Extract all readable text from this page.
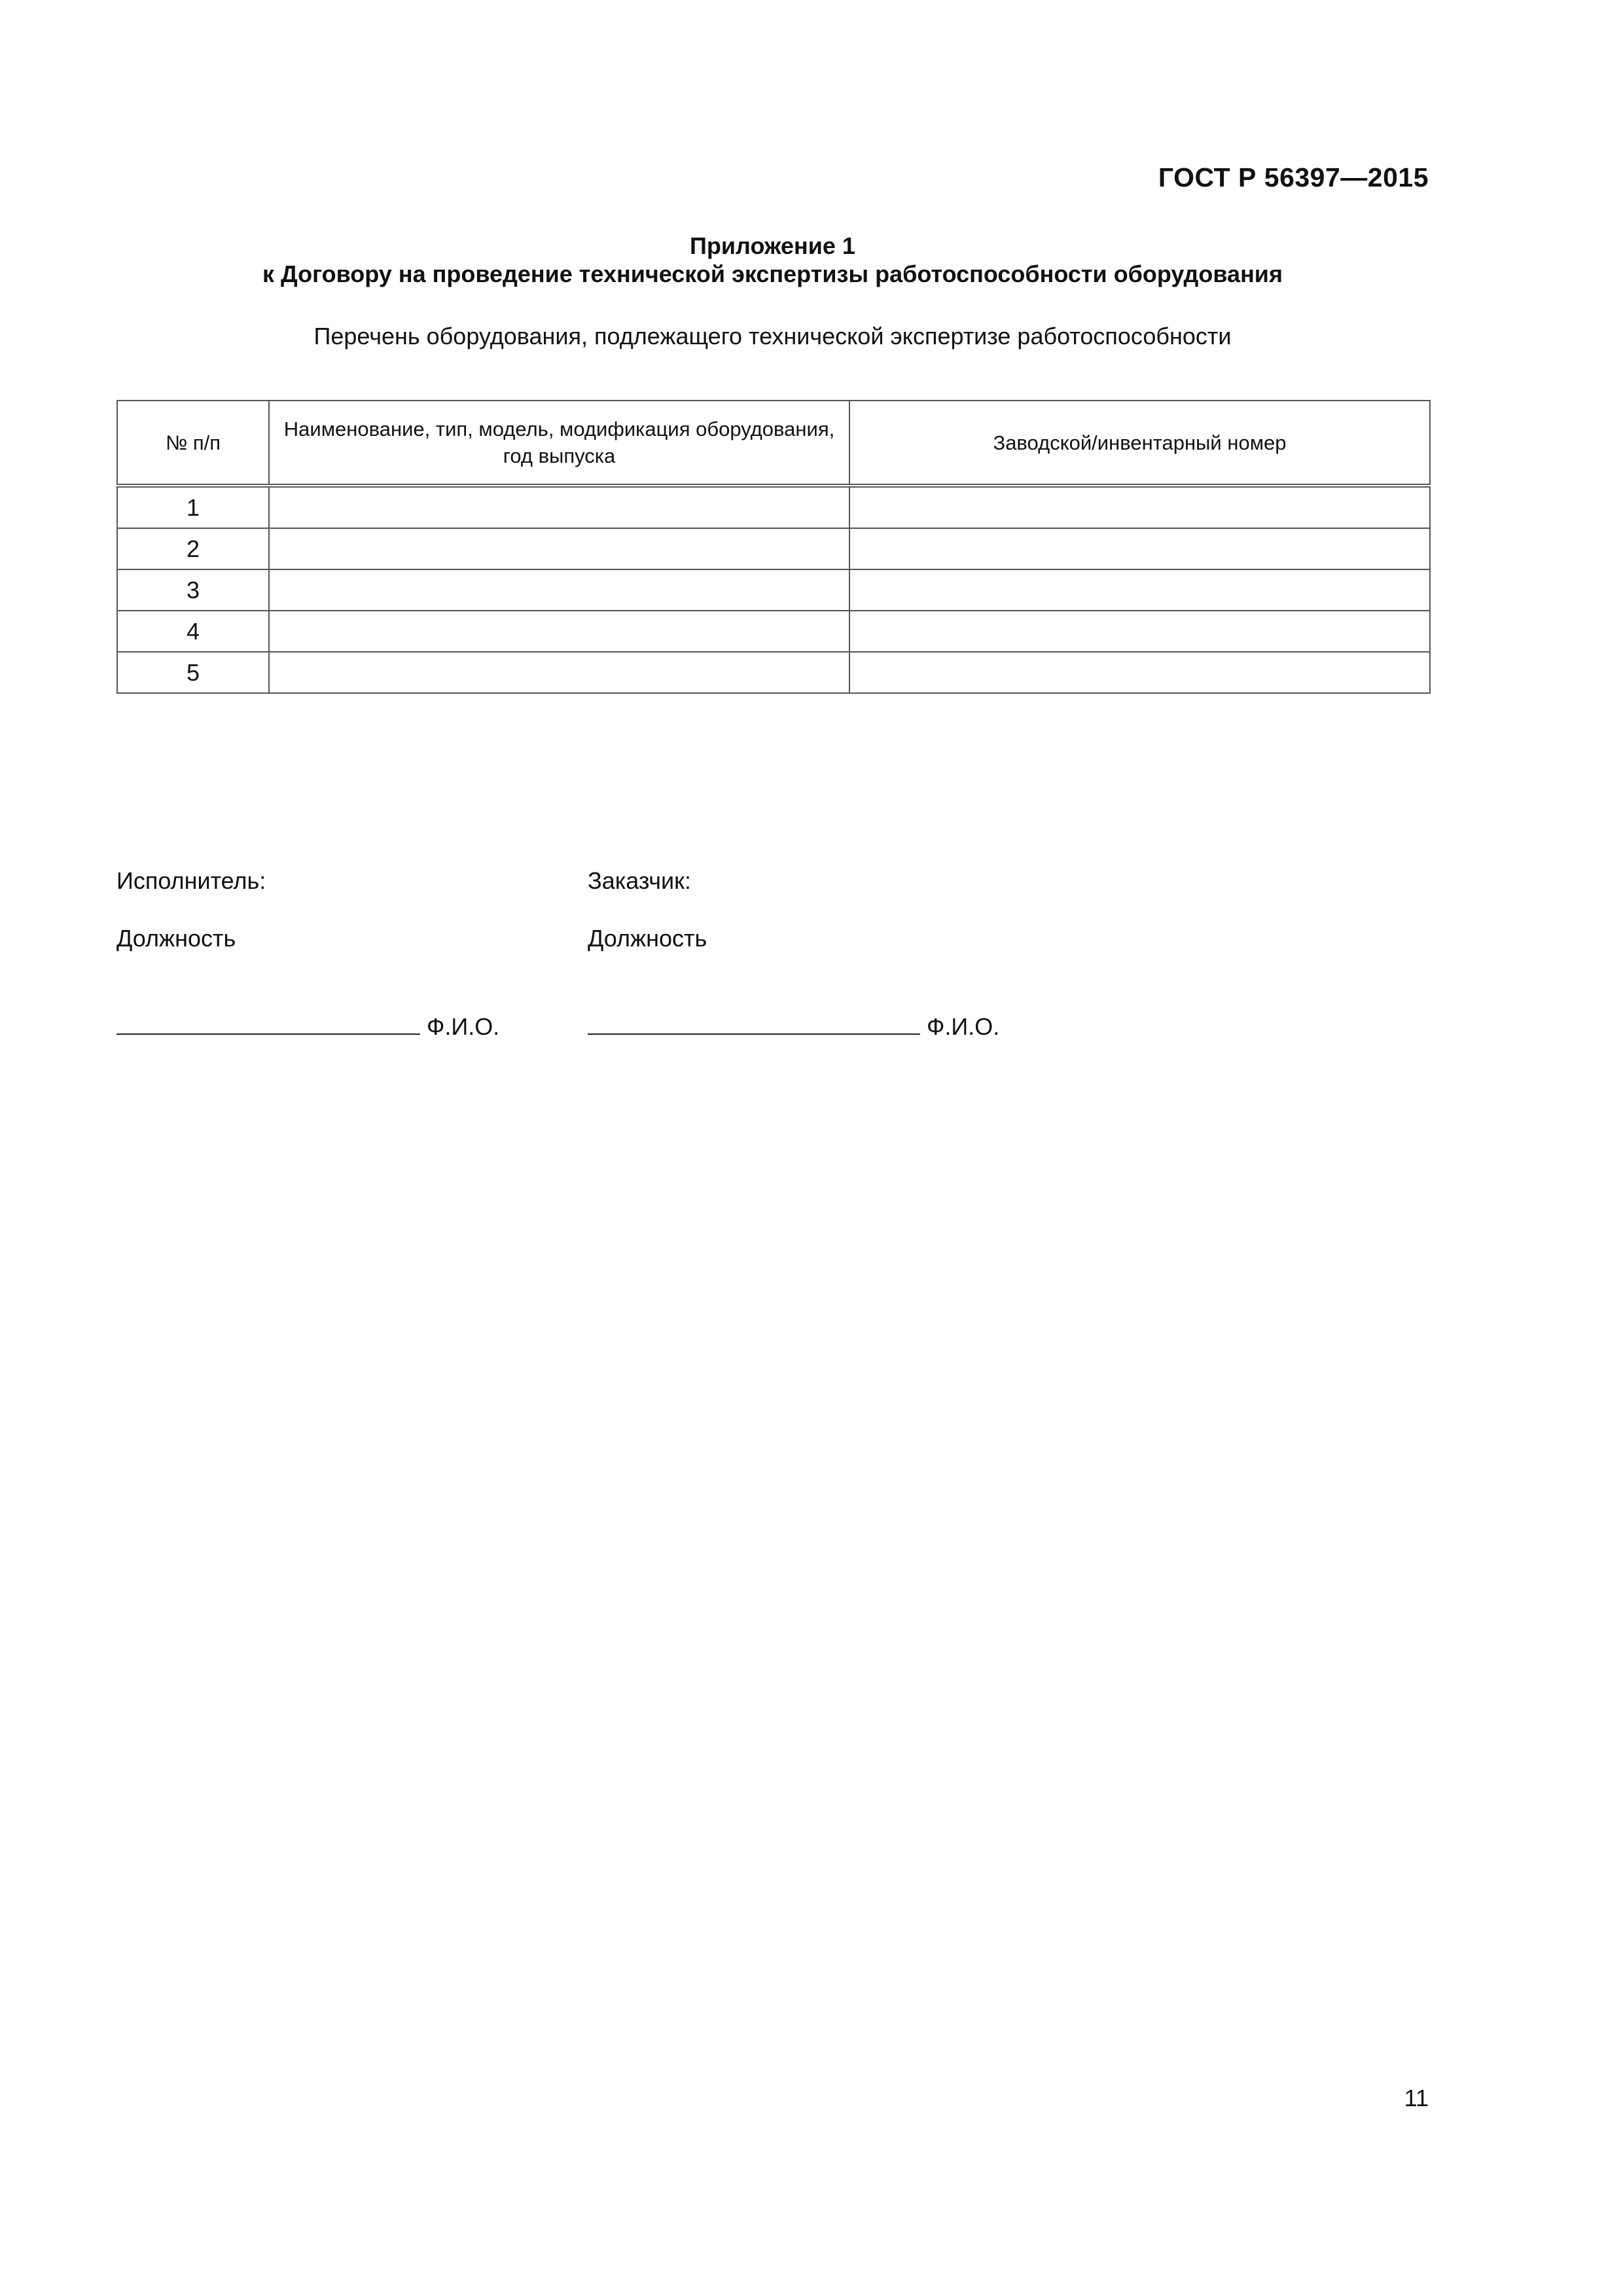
ГОСТ Р 56397—2015
Приложение 1
к Договору на проведение технической экспертизы работоспособности оборудования
Перечень оборудования, подлежащего технической экспертизе работоспособности
№ п/п	Наименование, тип, модель, модификация оборудования, год выпуска	Заводской/инвентарный номер
1		
2		
3		
4		
5		
Исполнитель:
Должность
Ф.И.О.
Заказчик:
Должность
Ф.И.О.
11
